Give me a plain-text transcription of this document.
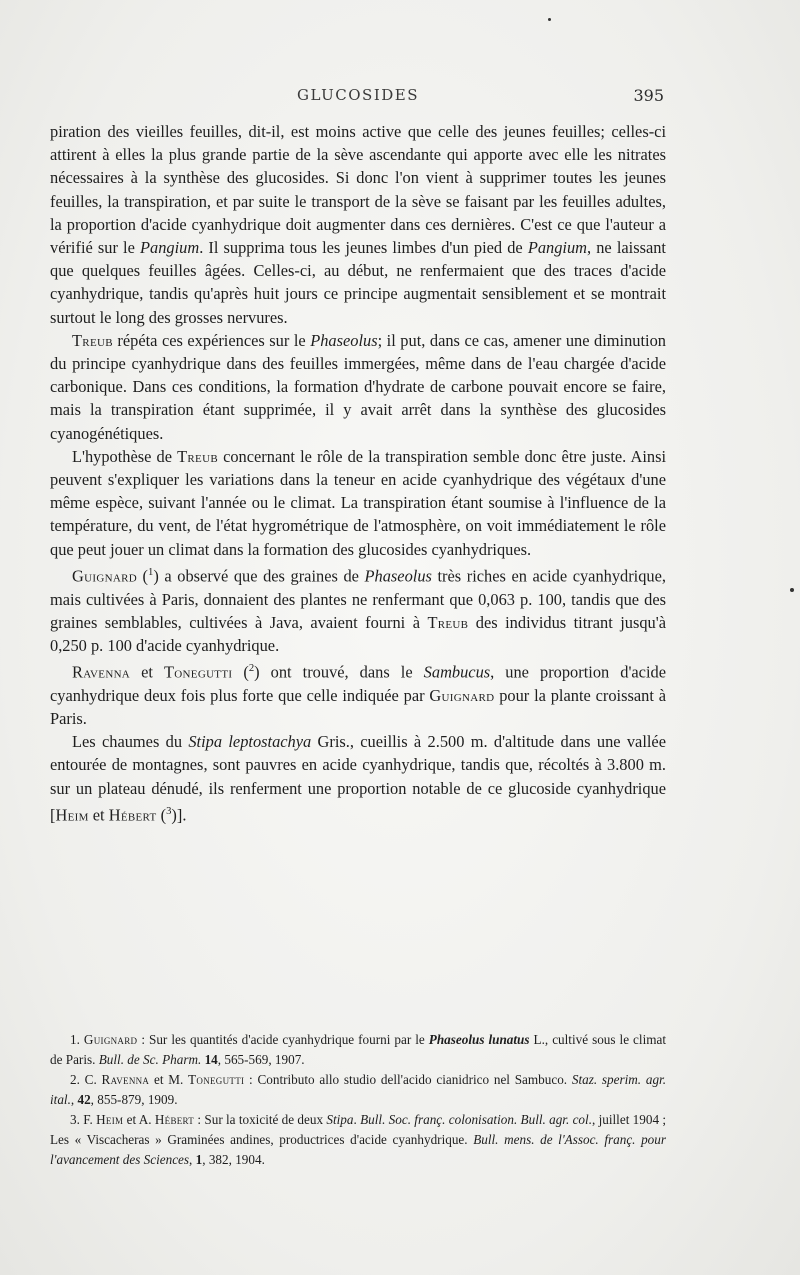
GLUCOSIDES	395

piration des vieilles feuilles, dit-il, est moins active que celle des jeunes feuilles; celles-ci attirent à elles la plus grande partie de la sève ascendante qui apporte avec elle les nitrates nécessaires à la synthèse des glucosides. Si donc l'on vient à supprimer toutes les jeunes feuilles, la transpiration, et par suite le transport de la sève se faisant par les feuilles adultes, la proportion d'acide cyanhydrique doit augmenter dans ces dernières. C'est ce que l'auteur a vérifié sur le Pangium. Il supprima tous les jeunes limbes d'un pied de Pangium, ne laissant que quelques feuilles âgées. Celles-ci, au début, ne renfermaient que des traces d'acide cyanhydrique, tandis qu'après huit jours ce principe augmentait sensiblement et se montrait surtout le long des grosses nervures.

Treub répéta ces expériences sur le Phaseolus; il put, dans ce cas, amener une diminution du principe cyanhydrique dans des feuilles immergées, même dans de l'eau chargée d'acide carbonique. Dans ces conditions, la formation d'hydrate de carbone pouvait encore se faire, mais la transpiration étant supprimée, il y avait arrêt dans la synthèse des glucosides cyanogénétiques.

L'hypothèse de Treub concernant le rôle de la transpiration semble donc être juste. Ainsi peuvent s'expliquer les variations dans la teneur en acide cyanhydrique des végétaux d'une même espèce, suivant l'année ou le climat. La transpiration étant soumise à l'influence de la température, du vent, de l'état hygrométrique de l'atmosphère, on voit immédiatement le rôle que peut jouer un climat dans la formation des glucosides cyanhydriques.

Guignard ($^1$) a observé que des graines de Phaseolus très riches en acide cyanhydrique, mais cultivées à Paris, donnaient des plantes ne renfermant que 0,063 p. 100, tandis que des graines semblables, cultivées à Java, avaient fourni à Treub des individus titrant jusqu'à 0,250 p. 100 d'acide cyanhydrique.

Ravenna et Tonegutti ($^2$) ont trouvé, dans le Sambucus, une proportion d'acide cyanhydrique deux fois plus forte que celle indiquée par Guignard pour la plante croissant à Paris.

Les chaumes du Stipa leptostachya Gris., cueillis à 2.500 m. d'altitude dans une vallée entourée de montagnes, sont pauvres en acide cyanhydrique, tandis que, récoltés à 3.800 m. sur un plateau dénudé, ils renferment une proportion notable de ce glucoside cyanhydrique [Heim et Hébert ($^3$)].

1. Guignard : Sur les quantités d'acide cyanhydrique fourni par le Phaseolus lunatus L., cultivé sous le climat de Paris. Bull. de Sc. Pharm. 14, 565-569, 1907.

2. C. Ravenna et M. Tonegutti : Contributo allo studio dell'acido cianidrico nel Sambuco. Staz. sperim. agr. ital., 42, 855-879, 1909.

3. F. Heim et A. Hébert : Sur la toxicité de deux Stipa. Bull. Soc. franç. colonisation. Bull. agr. col., juillet 1904 ; Les « Viscacheras » Graminées andines, productrices d'acide cyanhydrique. Bull. mens. de l'Assoc. franç. pour l'avancement des Sciences, 1, 382, 1904.
